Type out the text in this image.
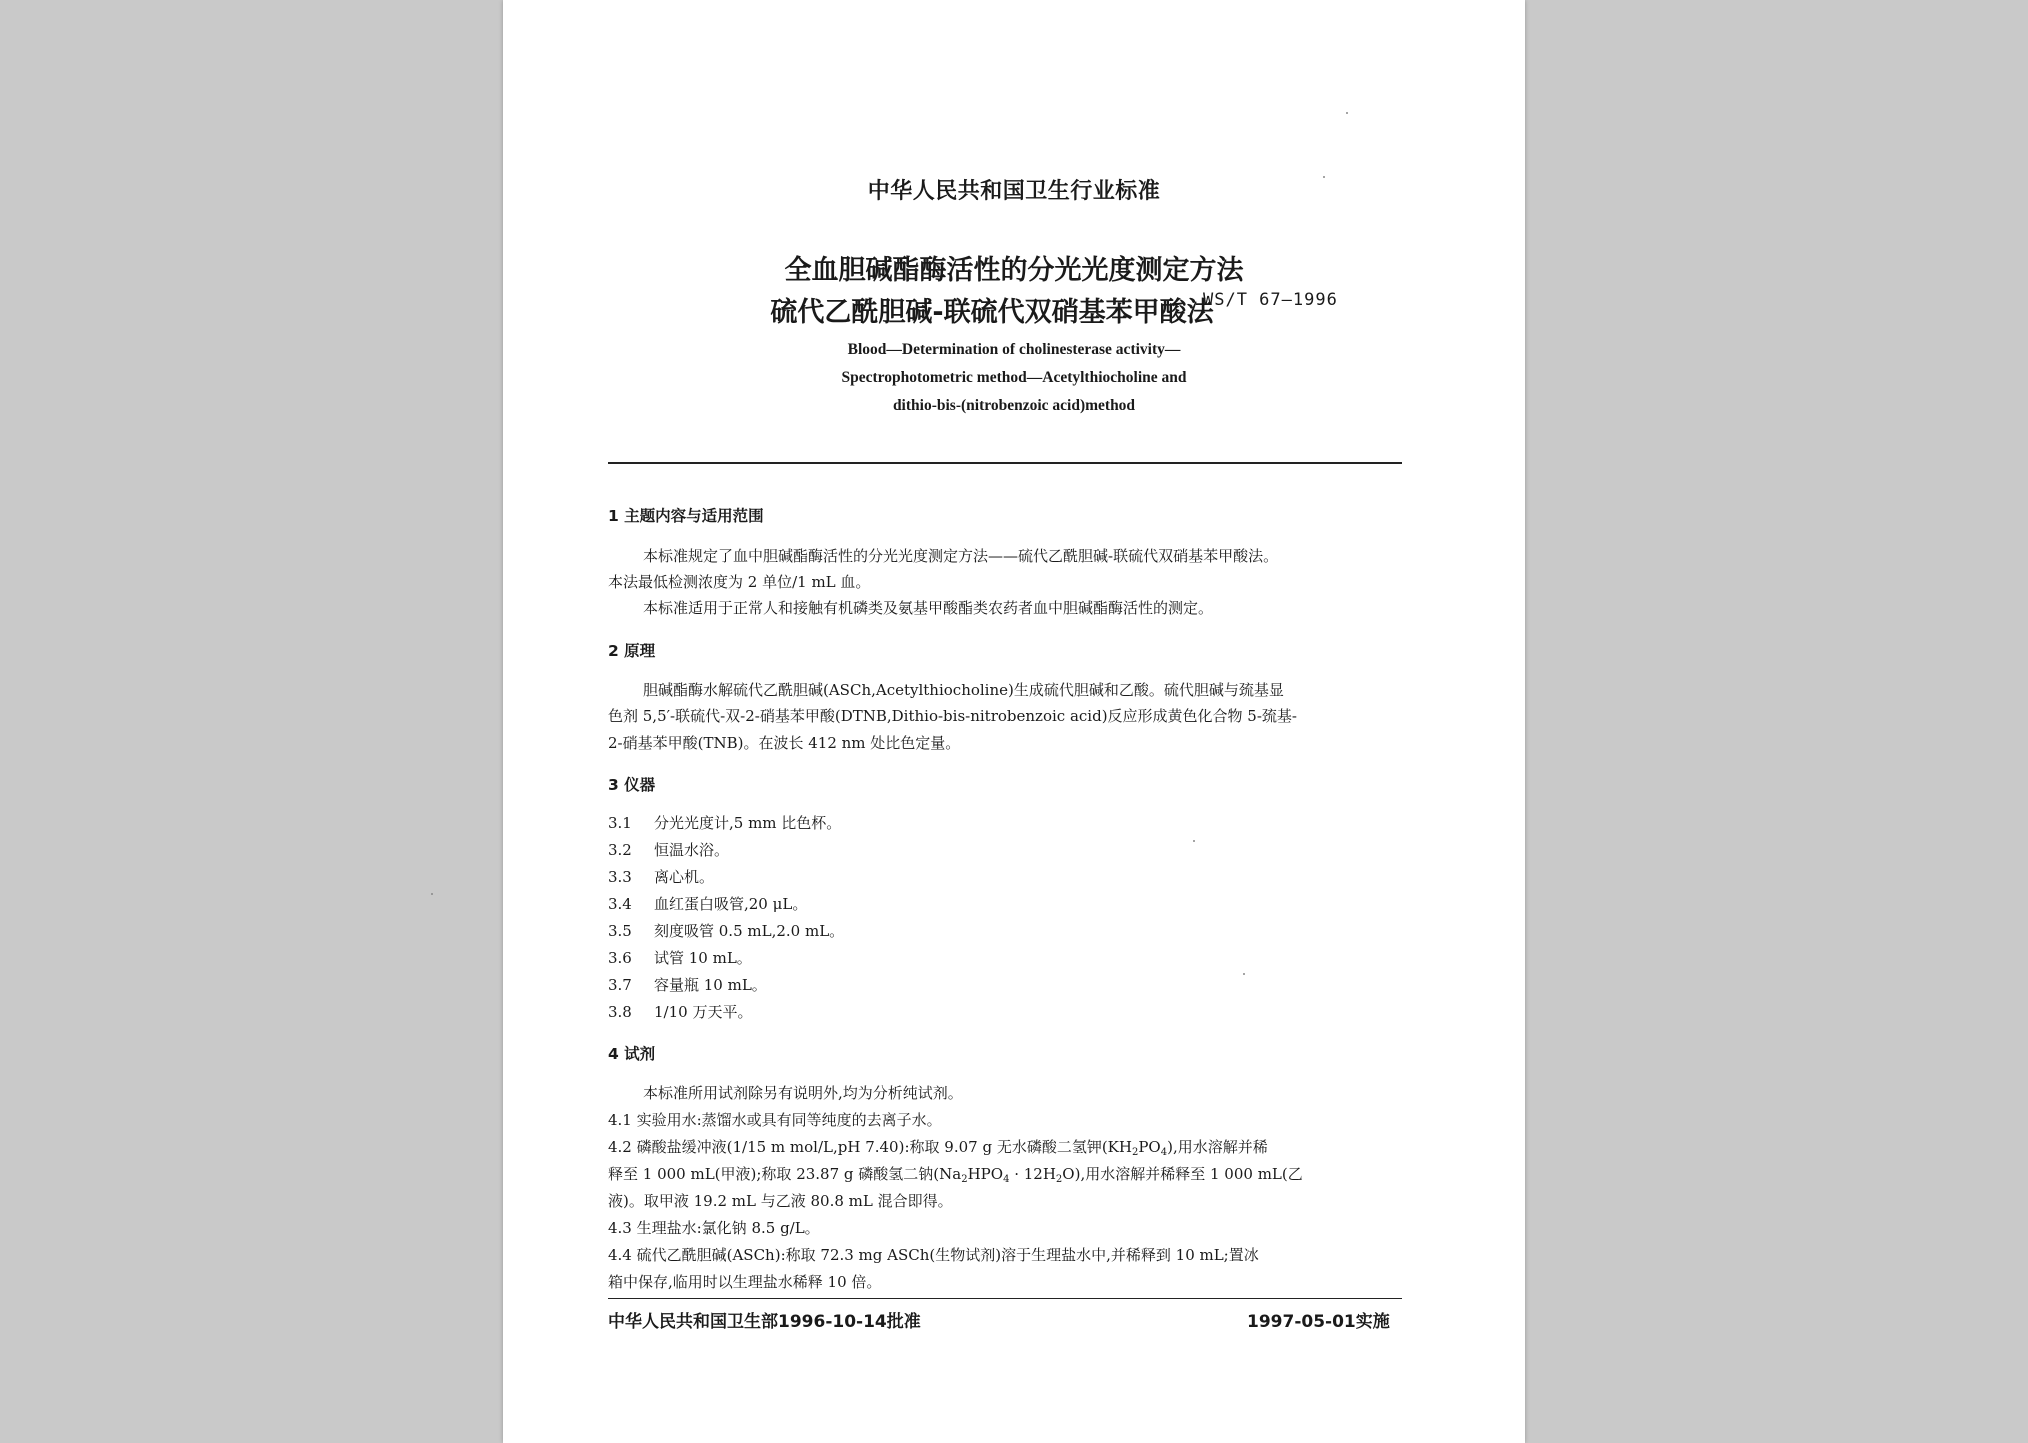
中华人民共和国卫生行业标准
全血胆碱酯酶活性的分光光度测定方法
硫代乙酰胆碱-联硫代双硝基苯甲酸法
WS/T 67—1996
Blood—Determination of cholinesterase activity—
Spectrophotometric method—Acetylthiocholine and
dithio-bis-(nitrobenzoic acid)method
1 主题内容与适用范围
本标准规定了血中胆碱酯酶活性的分光光度测定方法——硫代乙酰胆碱-联硫代双硝基苯甲酸法。
本法最低检测浓度为 2 单位/1 mL 血。
本标准适用于正常人和接触有机磷类及氨基甲酸酯类农药者血中胆碱酯酶活性的测定。
2 原理
胆碱酯酶水解硫代乙酰胆碱(ASCh,Acetylthiocholine)生成硫代胆碱和乙酸。硫代胆碱与巯基显
色剂 5,5′-联硫代-双-2-硝基苯甲酸(DTNB,Dithio-bis-nitrobenzoic acid)反应形成黄色化合物 5-巯基-
2-硝基苯甲酸(TNB)。在波长 412 nm 处比色定量。
3 仪器
3.1 分光光度计,5 mm 比色杯。
3.2 恒温水浴。
3.3 离心机。
3.4 血红蛋白吸管,20 μL。
3.5 刻度吸管 0.5 mL,2.0 mL。
3.6 试管 10 mL。
3.7 容量瓶 10 mL。
3.8 1/10 万天平。
4 试剂
本标准所用试剂除另有说明外,均为分析纯试剂。
4.1 实验用水:蒸馏水或具有同等纯度的去离子水。
4.2 磷酸盐缓冲液(1/15 m mol/L,pH 7.40):称取 9.07 g 无水磷酸二氢钾$(KH_2PO_4)$,用水溶解并稀
释至 1 000 mL(甲液);称取 23.87 g 磷酸氢二钠$(Na_2HPO_4 \cdot 12H_2O)$,用水溶解并稀释至 1 000 mL(乙
液)。取甲液 19.2 mL 与乙液 80.8 mL 混合即得。
4.3 生理盐水:氯化钠 8.5 g/L。
4.4 硫代乙酰胆碱(ASCh):称取 72.3 mg ASCh(生物试剂)溶于生理盐水中,并稀释到 10 mL;置冰
箱中保存,临用时以生理盐水稀释 10 倍。
中华人民共和国卫生部1996-10-14批准	1997-05-01实施
